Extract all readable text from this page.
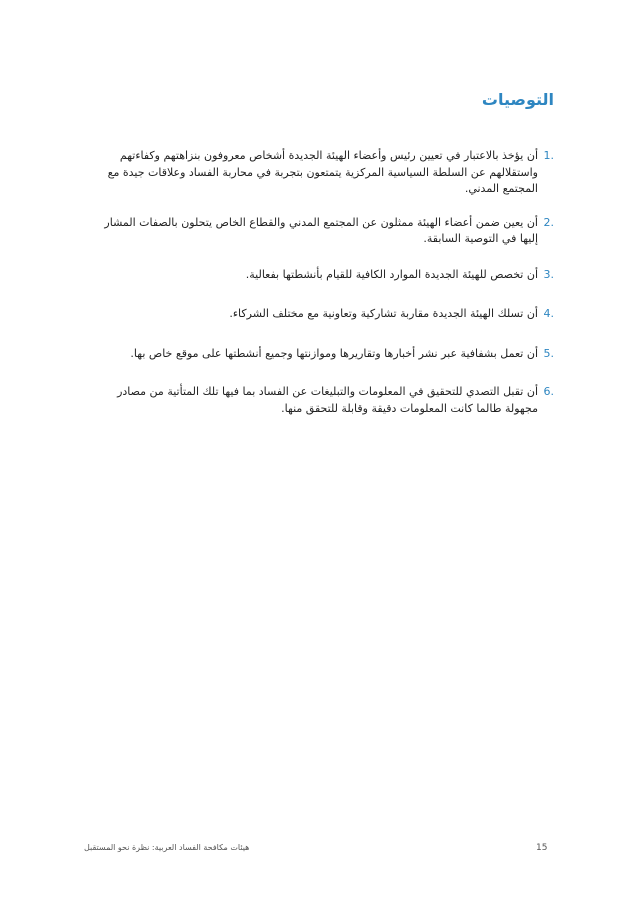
التوصيات
1.
أن يؤخذ بالاعتبار في تعيين رئيس وأعضاء الهيئة الجديدة أشخاص معروفون بنزاهتهم وكفاءتهم واستقلالهم عن السلطة السياسية المركزية يتمتعون بتجربة في محاربة الفساد وعلاقات جيدة مع المجتمع المدني.
2.
أن يعين ضمن أعضاء الهيئة ممثلون عن المجتمع المدني والقطاع الخاص يتحلون بالصفات المشار إليها في التوصية السابقة.
3.
أن تخصص للهيئة الجديدة الموارد الكافية للقيام بأنشطتها بفعالية.
4.
أن تسلك الهيئة الجديدة مقاربة تشاركية وتعاونية مع مختلف الشركاء.
5.
أن تعمل بشفافية عبر نشر أخبارها وتقاريرها وموازنتها وجميع أنشطتها على موقع خاص بها.
6.
أن تقبل التصدي للتحقيق في المعلومات والتبليغات عن الفساد بما فيها تلك المتأتية من مصادر مجهولة طالما كانت المعلومات دقيقة وقابلة للتحقق منها.
15
هيئات مكافحة الفساد العربية: نظرة نحو المستقبل
